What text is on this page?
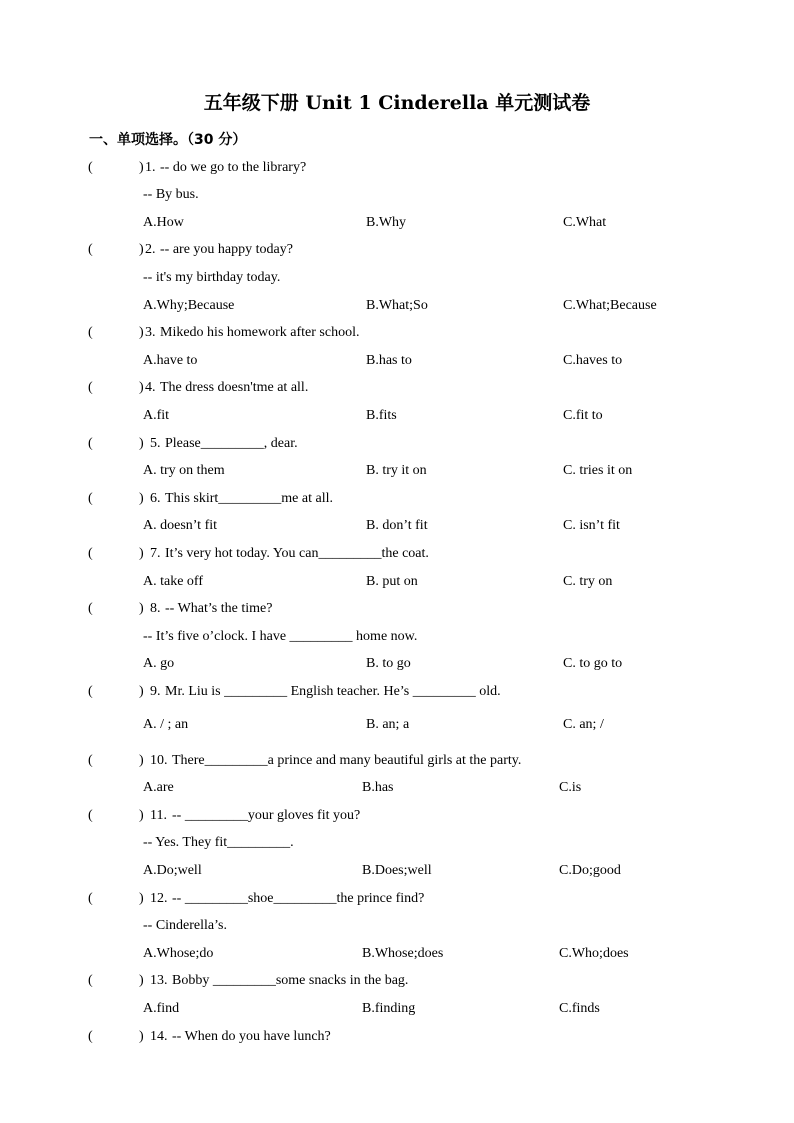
五年级下册 Unit 1 Cinderella 单元测试卷
一、单项选择。（30 分）
(	) 1. -- do we go to the library?
-- By bus.
A.How	B.Why	C.What
(	) 2. -- are you happy today?
-- it's my birthday today.
A.Why;Because	B.What;So	C.What;Because
(	) 3. Mikedo his homework after school.
A.have to	B.has to	C.haves to
(	) 4. The dress doesn'tme at all.
A.fit	B.fits	C.fit to
(	) 5. Please_________, dear.
A. try on them	B. try it on	C. tries it on
(	) 6. This skirt_________me at all.
A. doesn’t fit	B. don’t fit	C. isn’t fit
(	) 7. It’s very hot today. You can_________the coat.
A. take off	B. put on	C. try on
(	) 8. -- What’s the time?
-- It’s five o’clock. I have _________ home now.
A. go	B. to go	C. to go to
(	) 9. Mr. Liu is _________ English teacher. He’s _________ old.
A. / ; an	B. an; a	C. an; /
(	) 10. There_________a prince and many beautiful girls at the party.
A.are	B.has	C.is
(	) 11. -- _________your gloves fit you?
-- Yes. They fit_________.
A.Do;well	B.Does;well	C.Do;good
(	) 12. -- _________shoe_________the prince find?
-- Cinderella’s.
A.Whose;do	B.Whose;does	C.Who;does
(	) 13. Bobby _________some snacks in the bag.
A.find	B.finding	C.finds
(	) 14. -- When do you have lunch?
